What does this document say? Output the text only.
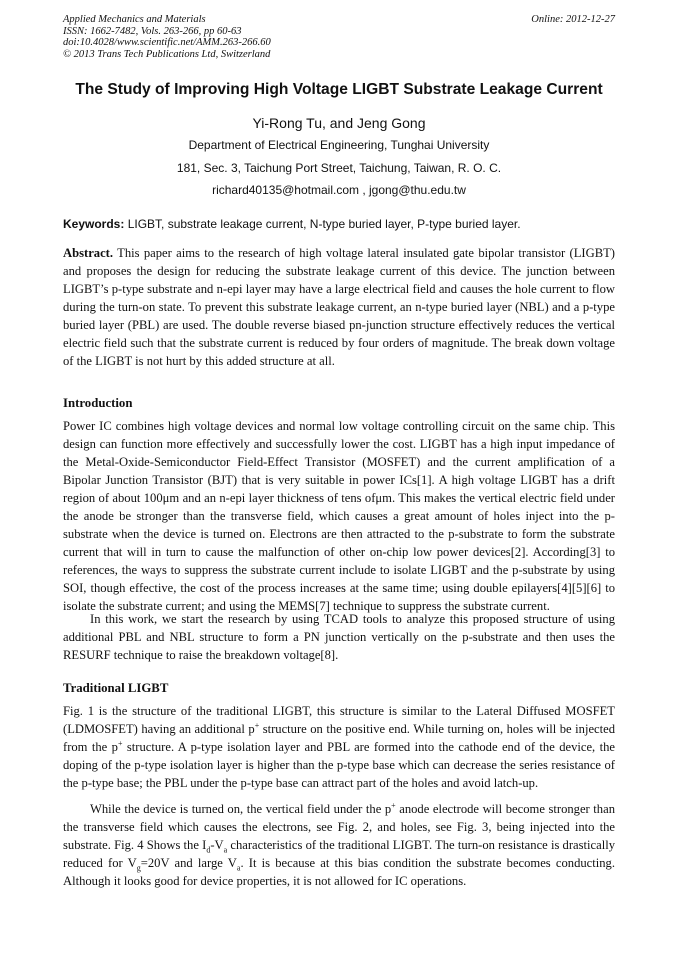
Applied Mechanics and Materials
ISSN: 1662-7482, Vols. 263-266, pp 60-63
doi:10.4028/www.scientific.net/AMM.263-266.60
© 2013 Trans Tech Publications Ltd, Switzerland
Online: 2012-12-27
The Study of Improving High Voltage LIGBT Substrate Leakage Current
Yi-Rong Tu, and Jeng Gong
Department of Electrical Engineering, Tunghai University
181, Sec. 3, Taichung Port Street, Taichung, Taiwan, R. O. C.
richard40135@hotmail.com , jgong@thu.edu.tw
Keywords: LIGBT, substrate leakage current, N-type buried layer, P-type buried layer.

Abstract. This paper aims to the research of high voltage lateral insulated gate bipolar transistor (LIGBT) and proposes the design for reducing the substrate leakage current of this device. The junction between LIGBT’s p-type substrate and n-epi layer may have a large electrical field and causes the hole current to flow during the turn-on state. To prevent this substrate leakage current, an n-type buried layer (NBL) and a p-type buried layer (PBL) are used. The double reverse biased pn-junction structure effectively reduces the vertical electric field such that the substrate current is reduced by four orders of magnitude. The break down voltage of the LIGBT is not hurt by this added structure at all.

Introduction

Power IC combines high voltage devices and normal low voltage controlling circuit on the same chip. This design can function more effectively and successfully lower the cost. LIGBT has a high input impedance of the Metal-Oxide-Semiconductor Field-Effect Transistor (MOSFET) and the current amplification of a Bipolar Junction Transistor (BJT) that is very suitable in power ICs[1]. A high voltage LIGBT has a drift region of about 100μm and an n-epi layer thickness of tens ofμm. This makes the vertical electric field under the anode be stronger than the transverse field, which causes a great amount of holes inject into the p-substrate when the device is turned on. Electrons are then attracted to the p-substrate to form the substrate current that will in turn to cause the malfunction of other on-chip low power devices[2]. According[3] to references, the ways to suppress the substrate current include to isolate LIGBT and the p-substrate by using SOI, though effective, the cost of the process increases at the same time; using double epilayers[4][5][6] to isolate the substrate current; and using the MEMS[7] technique to suppress the substrate current.

In this work, we start the research by using TCAD tools to analyze this proposed structure of using additional PBL and NBL structure to form a PN junction vertically on the p-substrate and then uses the RESURF technique to raise the breakdown voltage[8].

Traditional LIGBT

Fig. 1 is the structure of the traditional LIGBT, this structure is similar to the Lateral Diffused MOSFET (LDMOSFET) having an additional p+ structure on the positive end. While turning on, holes will be injected from the p+ structure. A p-type isolation layer and PBL are formed into the cathode end of the device, the doping of the p-type isolation layer is higher than the p-type base which can decrease the series resistance of the p-type base; the PBL under the p-type base can attract part of the holes and avoid latch-up.

While the device is turned on, the vertical field under the p+ anode electrode will become stronger than the transverse field which causes the electrons, see Fig. 2, and holes, see Fig. 3, being injected into the substrate. Fig. 4 Shows the $I_d-V_a$ characteristics of the traditional LIGBT. The turn-on resistance is drastically reduced for $V_g=20V$ and large $V_a$. It is because at this bias condition the substrate becomes conducting. Although it looks good for device properties, it is not allowed for IC operations.
